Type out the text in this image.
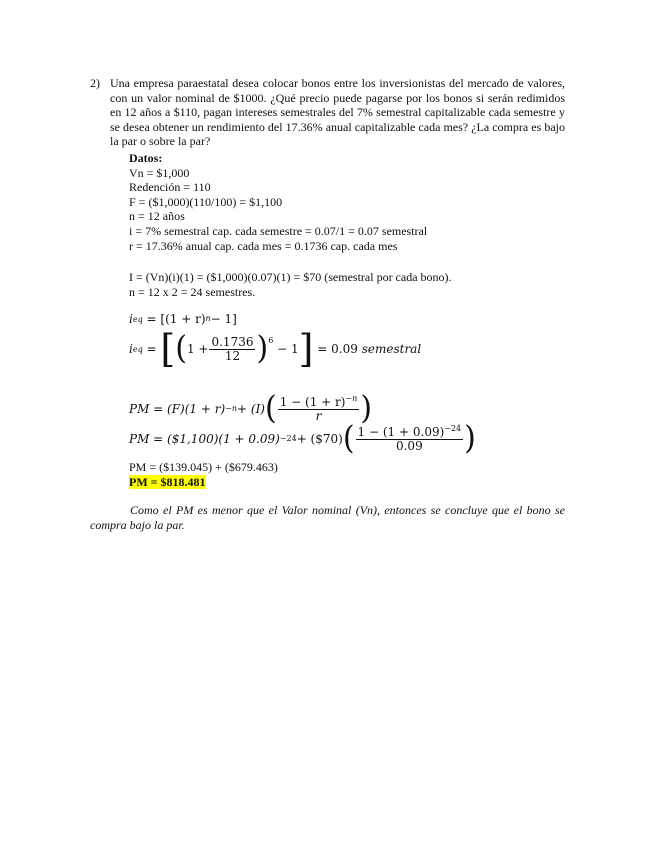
2) Una empresa paraestatal desea colocar bonos entre los inversionistas del mercado de valores, con un valor nominal de $1000. ¿Qué precio puede pagarse por los bonos si serán redimidos en 12 años a $110, pagan intereses semestrales del 7% semestral capitalizable cada semestre y se desea obtener un rendimiento del 17.36% anual capitalizable cada mes? ¿La compra es bajo la par o sobre la par?

Datos:
Vn = $1,000
Redención = 110
F = ($1,000)(110/100) = $1,100
n = 12 años
i = 7% semestral cap. cada semestre = 0.07/1 = 0.07 semestral
r = 17.36% anual cap. cada mes = 0.1736 cap. cada mes
I = (Vn)(i)(1) = ($1,000)(0.07)(1) = $70 (semestral por cada bono).
n = 12 x 2 = 24 semestres.
i eq
= [(1 + r) n − 1]
i eq
=
[ ( $1 + \frac{0.1736}{12} )^6$

− 1 ]
= 0.09
semestral
PM = (F)(1 + r) −n + (I) ( $\frac{1 - (1 + r)^{-n}}{r}$ )
PM = ($1,100)(1 + 0.09) −24 + ($70) ( $\frac{1 - (1 + 0.09)^{-24}}{0.09}$ )
PM = ($139.045) + ($679.463)
PM = $818.481

Como el PM es menor que el Valor nominal (Vn), entonces se concluye que el bono se compra bajo la par.
